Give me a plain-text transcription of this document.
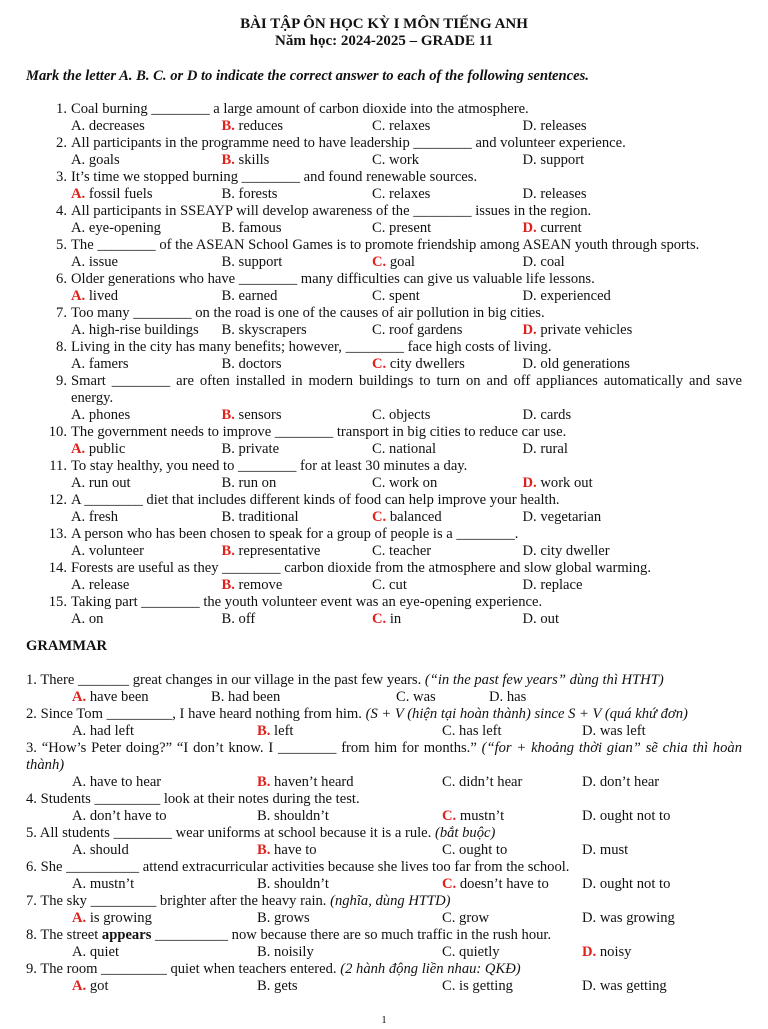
BÀI TẬP ÔN HỌC KỲ I MÔN TIẾNG ANH
Năm học: 2024-2025 – GRADE 11
Mark the letter A. B. C. or D to indicate the correct answer to each of the following sentences.
1. Coal burning ________ a large amount of carbon dioxide into the atmosphere.
A. decreases	B. reduces	C. relaxes	D. releases
2. All participants in the programme need to have leadership ________ and volunteer experience.
A. goals	B. skills	C. work	D. support
3. It’s time we stopped burning ________ and found renewable sources.
A. fossil fuels	B. forests	C. relaxes	D. releases
4. All participants in SSEAYP will develop awareness of the ________ issues in the region.
A. eye-opening	B. famous	C. present	D. current
5. The ________ of the ASEAN School Games is to promote friendship among ASEAN youth through sports.
A. issue	B. support	C. goal	D. coal
6. Older generations who have ________ many difficulties can give us valuable life lessons.
A. lived	B. earned	C. spent	D. experienced
7. Too many ________ on the road is one of the causes of air pollution in big cities.
A. high-rise buildings	B. skyscrapers	C. roof gardens	D. private vehicles
8. Living in the city has many benefits; however, ________ face high costs of living.
A. famers	B. doctors	C. city dwellers	D. old generations
9. Smart ________ are often installed in modern buildings to turn on and off appliances automatically and save energy.
A. phones	B. sensors	C. objects	D. cards
10. The government needs to improve ________ transport in big cities to reduce car use.
A. public	B. private	C. national	D. rural
11. To stay healthy, you need to ________ for at least 30 minutes a day.
A. run out	B. run on	C. work on	D. work out
12. A ________ diet that includes different kinds of food can help improve your health.
A. fresh	B. traditional	C. balanced	D. vegetarian
13. A person who has been chosen to speak for a group of people is a ________.
A. volunteer	B. representative	C. teacher	D. city dweller
14. Forests are useful as they ________ carbon dioxide from the atmosphere and slow global warming.
A. release	B. remove	C. cut	D. replace
15. Taking part ________ the youth volunteer event was an eye-opening experience.
A. on	B. off	C. in	D. out
GRAMMAR
1. There _______ great changes in our village in the past few years. (“in the past few years” dùng thì HTHT)
A. have been	B. had been	C. was	D. has
2. Since Tom _________, I have heard nothing from him. (S + V (hiện tại hoàn thành) since S + V (quá khứ đơn)
A. had left	B. left	C. has left	D. was left
3. “How’s Peter doing?” “I don’t know. I ________ from him for months.” (“for + khoảng thời gian” sẽ chia thì hoàn thành)
A. have to hear	B. haven’t heard	C. didn’t hear	D. don’t hear
4. Students _________ look at their notes during the test.
A. don’t have to	B. shouldn’t	C. mustn’t	D. ought not to
5. All students ________ wear uniforms at school because it is a rule. (bắt buộc)
A. should	B. have to	C. ought to	D. must
6. She __________ attend extracurricular activities because she lives too far from the school.
A. mustn’t	B. shouldn’t	C. doesn’t have to	D. ought not to
7. The sky _________ brighter after the heavy rain. (nghĩa, dùng HTTD)
A. is growing	B. grows	C. grow	D. was growing
8. The street appears __________ now because there are so much traffic in the rush hour.
A. quiet	B. noisily	C. quietly	D. noisy
9. The room _________ quiet when teachers entered. (2 hành động liền nhau: QKĐ)
A. got	B. gets	C. is getting	D. was getting
1
